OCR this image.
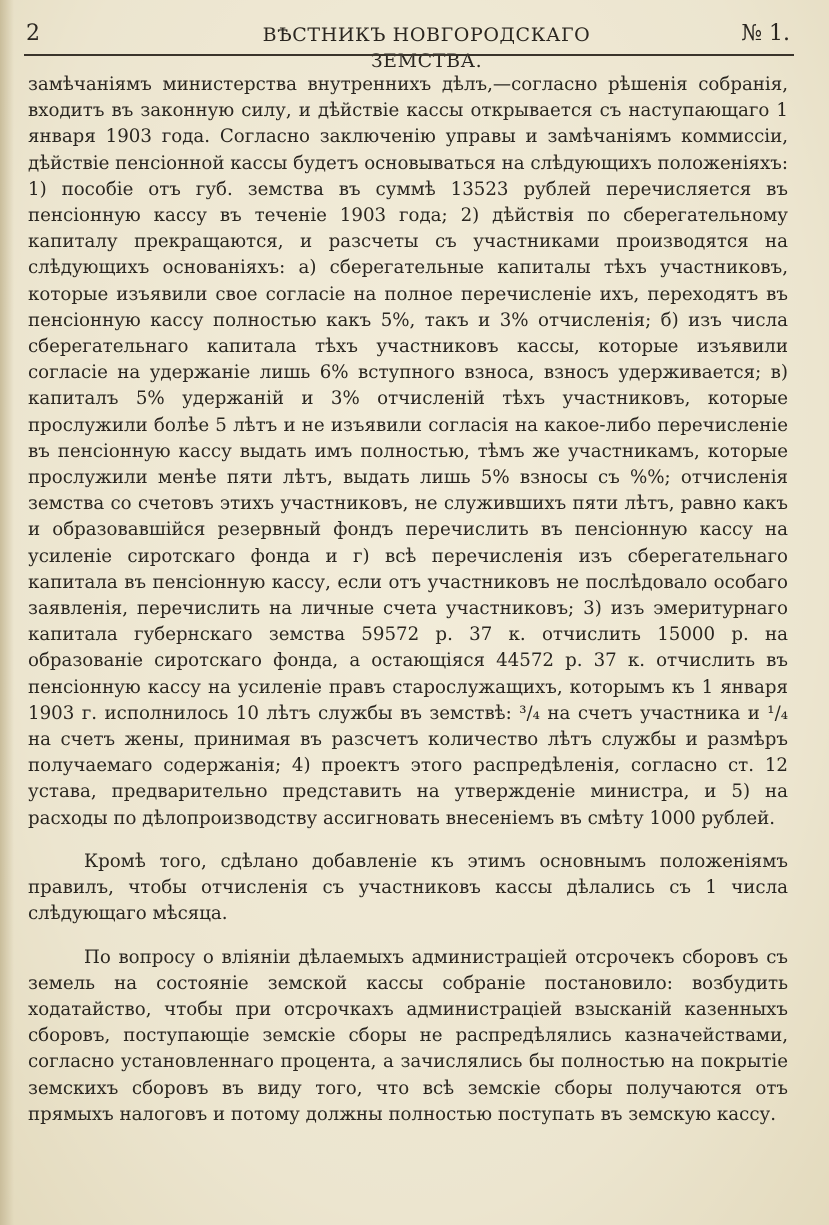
2	ВѢСТНИКЪ НОВГОРОДСКАГО ЗЕМСТВА.
№ 1.

замѣчаніямъ министерства внутреннихъ дѣлъ,—согласно рѣшенія собранія, входитъ въ законную силу, и дѣйствіе кассы открывается съ наступающаго 1 января 1903 года. Согласно заключенію управы и замѣчаніямъ коммиссіи, дѣйствіе пенсіонной кассы будетъ основываться на слѣдующихъ положеніяхъ: 1) пособіе отъ губ. земства въ суммѣ 13523 рублей перечисляется въ пенсіонную кассу въ теченіе 1903 года; 2) дѣйствія по сберегательному капиталу прекращаются, и разсчеты съ участниками производятся на слѣдующихъ основаніяхъ: а) сберегательные капиталы тѣхъ участниковъ, которые изъявили свое согласіе на полное перечисленіе ихъ, переходятъ въ пенсіонную кассу полностью какъ 5%, такъ и 3% отчисленія; б) изъ числа сберегательнаго капитала тѣхъ участниковъ кассы, которые изъявили согласіе на удержаніе лишь 6% вступного взноса, взносъ удерживается; в) капиталъ 5% удержаній и 3% отчисленій тѣхъ участниковъ, которые прослужили болѣе 5 лѣтъ и не изъявили согласія на какое-либо перечисленіе въ пенсіонную кассу выдать имъ полностью, тѣмъ же участникамъ, которые прослужили менѣе пяти лѣтъ, выдать лишь 5% взносы съ %%; отчисленія земства со счетовъ этихъ участниковъ, не служившихъ пяти лѣтъ, равно какъ и образовавшійся резервный фондъ перечислить въ пенсіонную кассу на усиленіе сиротскаго фонда и г) всѣ перечисленія изъ сберегательнаго капитала въ пенсіонную кассу, если отъ участниковъ не послѣдовало особаго заявленія, перечислить на личные счета участниковъ; 3) изъ эмеритурнаго капитала губернскаго земства 59572 р. 37 к. отчислить 15000 р. на образованіе сиротскаго фонда, а остающіяся 44572 р. 37 к. отчислить въ пенсіонную кассу на усиленіе правъ старослужащихъ, которымъ къ 1 января 1903 г. исполнилось 10 лѣтъ службы въ земствѣ: ³/₄ на счетъ участника и ¹/₄ на счетъ жены, принимая въ разсчетъ количество лѣтъ службы и размѣръ получаемаго содержанія; 4) проектъ этого распредѣленія, согласно ст. 12 устава, предварительно представить на утвержденіе министра, и 5) на расходы по дѣлопроизводству ассигновать внесеніемъ въ смѣту 1000 рублей.

Кромѣ того, сдѣлано добавленіе къ этимъ основнымъ положеніямъ правилъ, чтобы отчисленія съ участниковъ кассы дѣлались съ 1 числа слѣдующаго мѣсяца.

По вопросу о вліяніи дѣлаемыхъ администраціей отсрочекъ сборовъ съ земель на состояніе земской кассы собраніе постановило: возбудить ходатайство, чтобы при отсрочкахъ администраціей взысканій казенныхъ сборовъ, поступающіе земскіе сборы не распредѣлялись казначействами, согласно установленнаго процента, а зачислялись бы полностью на покрытіе земскихъ сборовъ въ виду того, что всѣ земскіе сборы получаются отъ прямыхъ налоговъ и потому должны полностью поступать въ земскую кассу.
